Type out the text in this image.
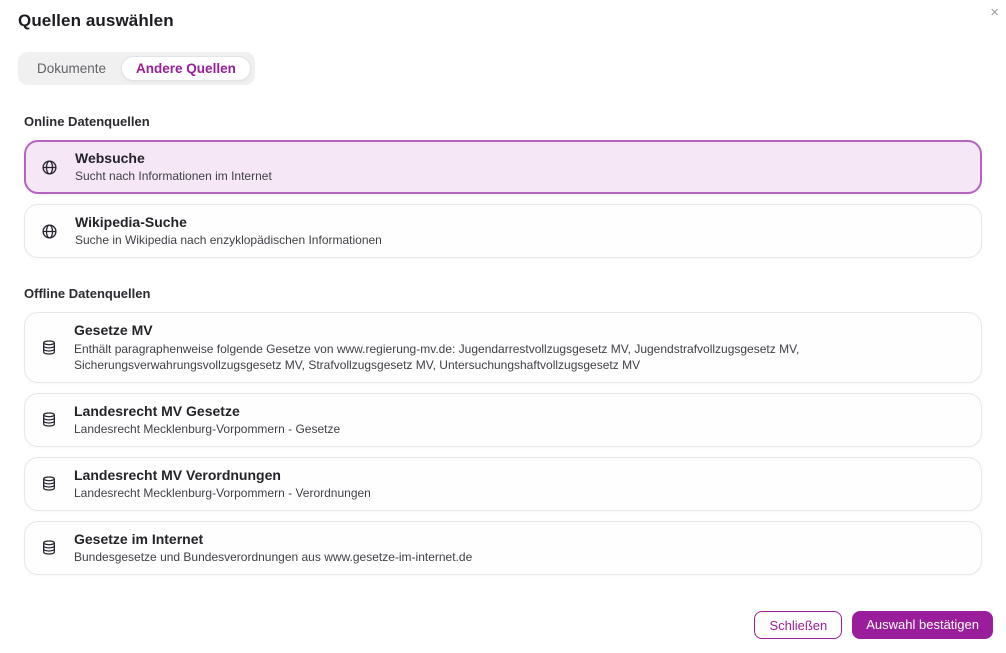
×
Quellen auswählen
Dokumente	Andere Quellen
Online Datenquellen
Websuche
Sucht nach Informationen im Internet
Wikipedia-Suche
Suche in Wikipedia nach enzyklopädischen Informationen
Offline Datenquellen
Gesetze MV
Enthält paragraphenweise folgende Gesetze von www.regierung-mv.de: Jugendarrestvollzugsgesetz MV, Jugendstrafvollzugsgesetz MV, Sicherungsverwahrungsvollzugsgesetz MV, Strafvollzugsgesetz MV, Untersuchungshaftvollzugsgesetz MV
Landesrecht MV Gesetze
Landesrecht Mecklenburg-Vorpommern - Gesetze
Landesrecht MV Verordnungen
Landesrecht Mecklenburg-Vorpommern - Verordnungen
Gesetze im Internet
Bundesgesetze und Bundesverordnungen aus www.gesetze-im-internet.de
Schließen	Auswahl bestätigen
